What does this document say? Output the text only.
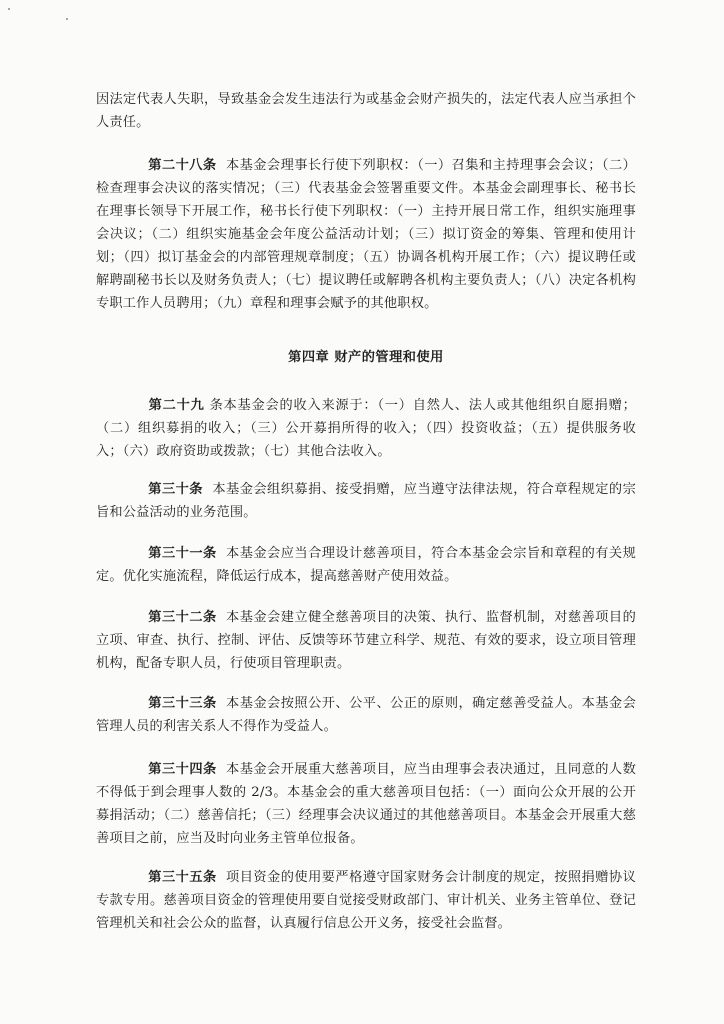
因法定代表人失职，导致基金会发生违法行为或基金会财产损失的，法定代表人应当承担个人责任。

第二十八条 本基金会理事长行使下列职权：（一）召集和主持理事会会议；（二）检查理事会决议的落实情况；（三）代表基金会签署重要文件。本基金会副理事长、秘书长在理事长领导下开展工作，秘书长行使下列职权：（一）主持开展日常工作，组织实施理事会决议；（二）组织实施基金会年度公益活动计划；（三）拟订资金的筹集、管理和使用计划；（四）拟订基金会的内部管理规章制度；（五）协调各机构开展工作；（六）提议聘任或解聘副秘书长以及财务负责人；（七）提议聘任或解聘各机构主要负责人；（八）决定各机构专职工作人员聘用；（九）章程和理事会赋予的其他职权。

第四章 财产的管理和使用

第二十九 条本基金会的收入来源于：（一）自然人、法人或其他组织自愿捐赠；（二）组织募捐的收入；（三）公开募捐所得的收入；（四）投资收益；（五）提供服务收入；（六）政府资助或拨款；（七）其他合法收入。

第三十条 本基金会组织募捐、接受捐赠，应当遵守法律法规，符合章程规定的宗旨和公益活动的业务范围。

第三十一条 本基金会应当合理设计慈善项目，符合本基金会宗旨和章程的有关规定。优化实施流程，降低运行成本，提高慈善财产使用效益。

第三十二条 本基金会建立健全慈善项目的决策、执行、监督机制，对慈善项目的立项、审查、执行、控制、评估、反馈等环节建立科学、规范、有效的要求，设立项目管理机构，配备专职人员，行使项目管理职责。

第三十三条 本基金会按照公开、公平、公正的原则，确定慈善受益人。本基金会管理人员的利害关系人不得作为受益人。

第三十四条 本基金会开展重大慈善项目，应当由理事会表决通过，且同意的人数不得低于到会理事人数的 2/3。本基金会的重大慈善项目包括：（一）面向公众开展的公开募捐活动；（二）慈善信托；（三）经理事会决议通过的其他慈善项目。本基金会开展重大慈善项目之前，应当及时向业务主管单位报备。

第三十五条 项目资金的使用要严格遵守国家财务会计制度的规定，按照捐赠协议专款专用。慈善项目资金的管理使用要自觉接受财政部门、审计机关、业务主管单位、登记管理机关和社会公众的监督，认真履行信息公开义务，接受社会监督。
